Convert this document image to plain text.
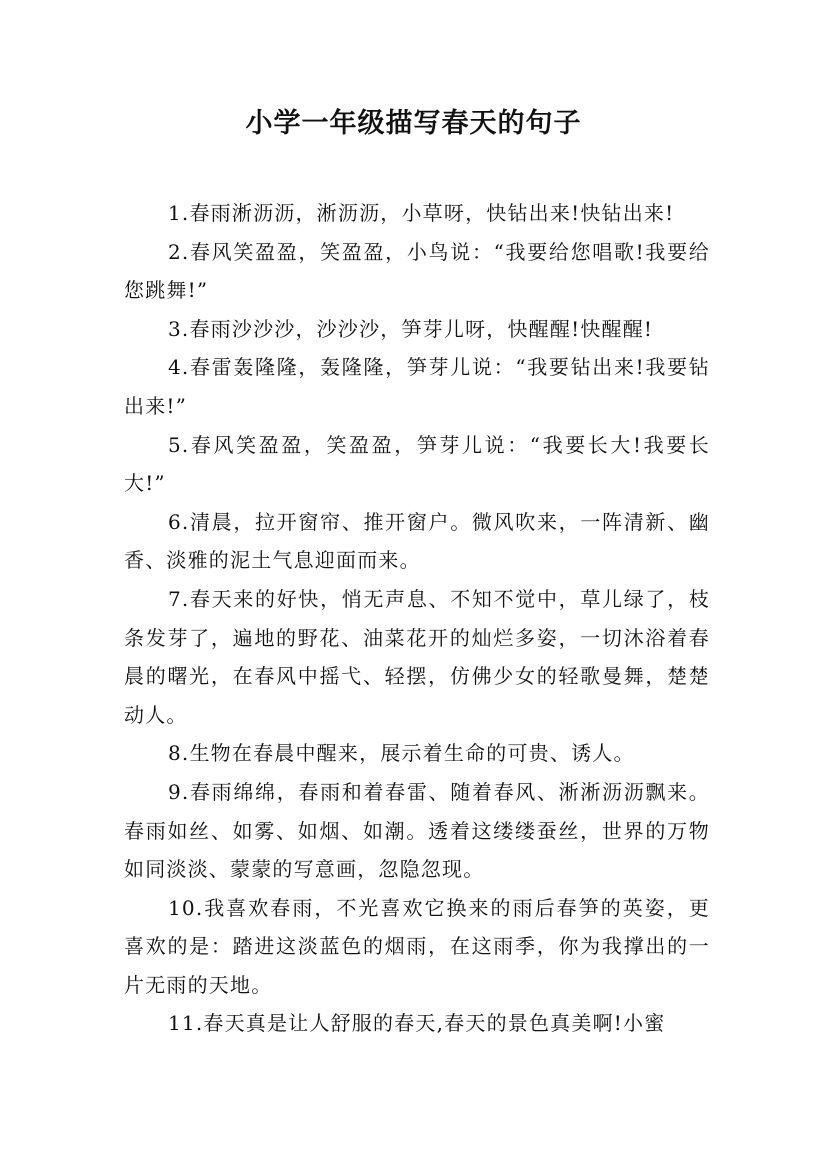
小学一年级描写春天的句子

1.春雨淅沥沥，淅沥沥，小草呀，快钻出来!快钻出来!

2.春风笑盈盈，笑盈盈，小鸟说：“我要给您唱歌!我要给您跳舞!”

3.春雨沙沙沙，沙沙沙，笋芽儿呀，快醒醒!快醒醒!

4.春雷轰隆隆，轰隆隆，笋芽儿说：“我要钻出来!我要钻出来!”

5.春风笑盈盈，笑盈盈，笋芽儿说：“我要长大!我要长大!”

6.清晨，拉开窗帘、推开窗户。微风吹来，一阵清新、幽香、淡雅的泥土气息迎面而来。

7.春天来的好快，悄无声息、不知不觉中，草儿绿了，枝条发芽了，遍地的野花、油菜花开的灿烂多姿，一切沐浴着春晨的曙光，在春风中摇弋、轻摆，仿佛少女的轻歌曼舞，楚楚动人。

8.生物在春晨中醒来，展示着生命的可贵、诱人。

9.春雨绵绵，春雨和着春雷、随着春风、淅淅沥沥飘来。春雨如丝、如雾、如烟、如潮。透着这缕缕蚕丝，世界的万物如同淡淡、蒙蒙的写意画，忽隐忽现。

10.我喜欢春雨，不光喜欢它换来的雨后春笋的英姿，更喜欢的是：踏进这淡蓝色的烟雨，在这雨季，你为我撑出的一片无雨的天地。

11.春天真是让人舒服的春天,春天的景色真美啊!小蜜
